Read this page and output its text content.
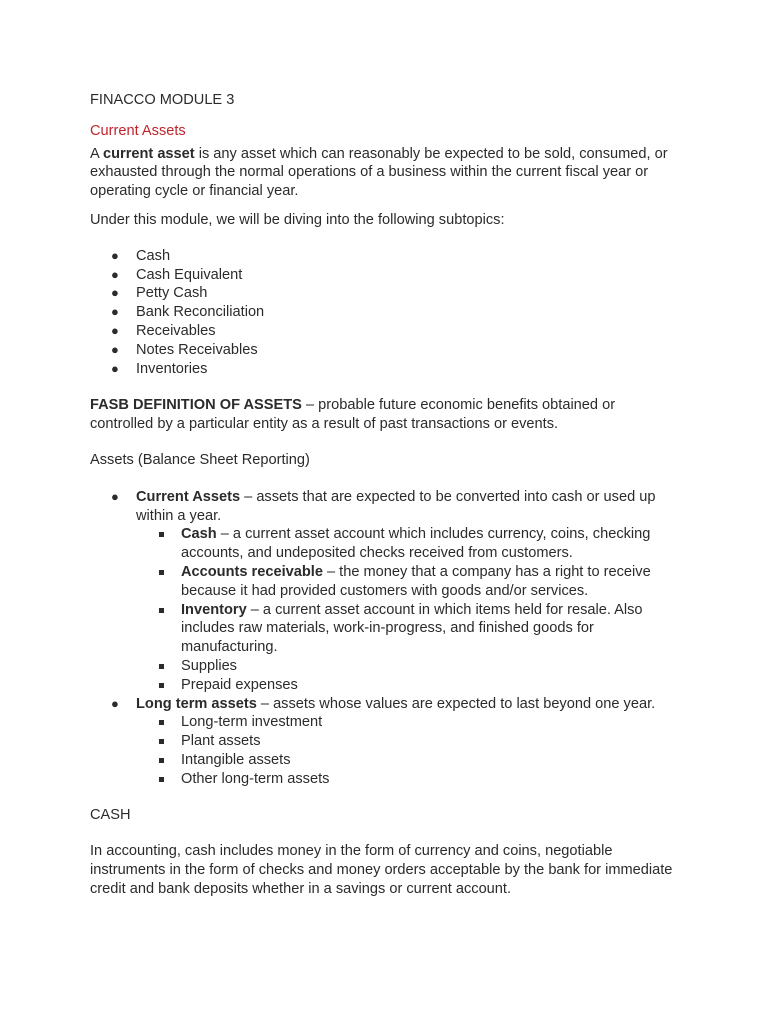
FINACCO MODULE 3

Current Assets

A current asset is any asset which can reasonably be expected to be sold, consumed, or exhausted through the normal operations of a business within the current fiscal year or operating cycle or financial year.

Under this module, we will be diving into the following subtopics:

● Cash
● Cash Equivalent
● Petty Cash
● Bank Reconciliation
● Receivables
● Notes Receivables
● Inventories

FASB DEFINITION OF ASSETS – probable future economic benefits obtained or controlled by a particular entity as a result of past transactions or events.

Assets (Balance Sheet Reporting)

● Current Assets – assets that are expected to be converted into cash or used up within a year.
Cash – a current asset account which includes currency, coins, checking accounts, and undeposited checks received from customers.
Accounts receivable – the money that a company has a right to receive because it had provided customers with goods and/or services.
Inventory – a current asset account in which items held for resale. Also includes raw materials, work-in-progress, and finished goods for manufacturing.
Supplies
Prepaid expenses
● Long term assets – assets whose values are expected to last beyond one year.
Long-term investment
Plant assets
Intangible assets
Other long-term assets

CASH

In accounting, cash includes money in the form of currency and coins, negotiable instruments in the form of checks and money orders acceptable by the bank for immediate credit and bank deposits whether in a savings or current account.
